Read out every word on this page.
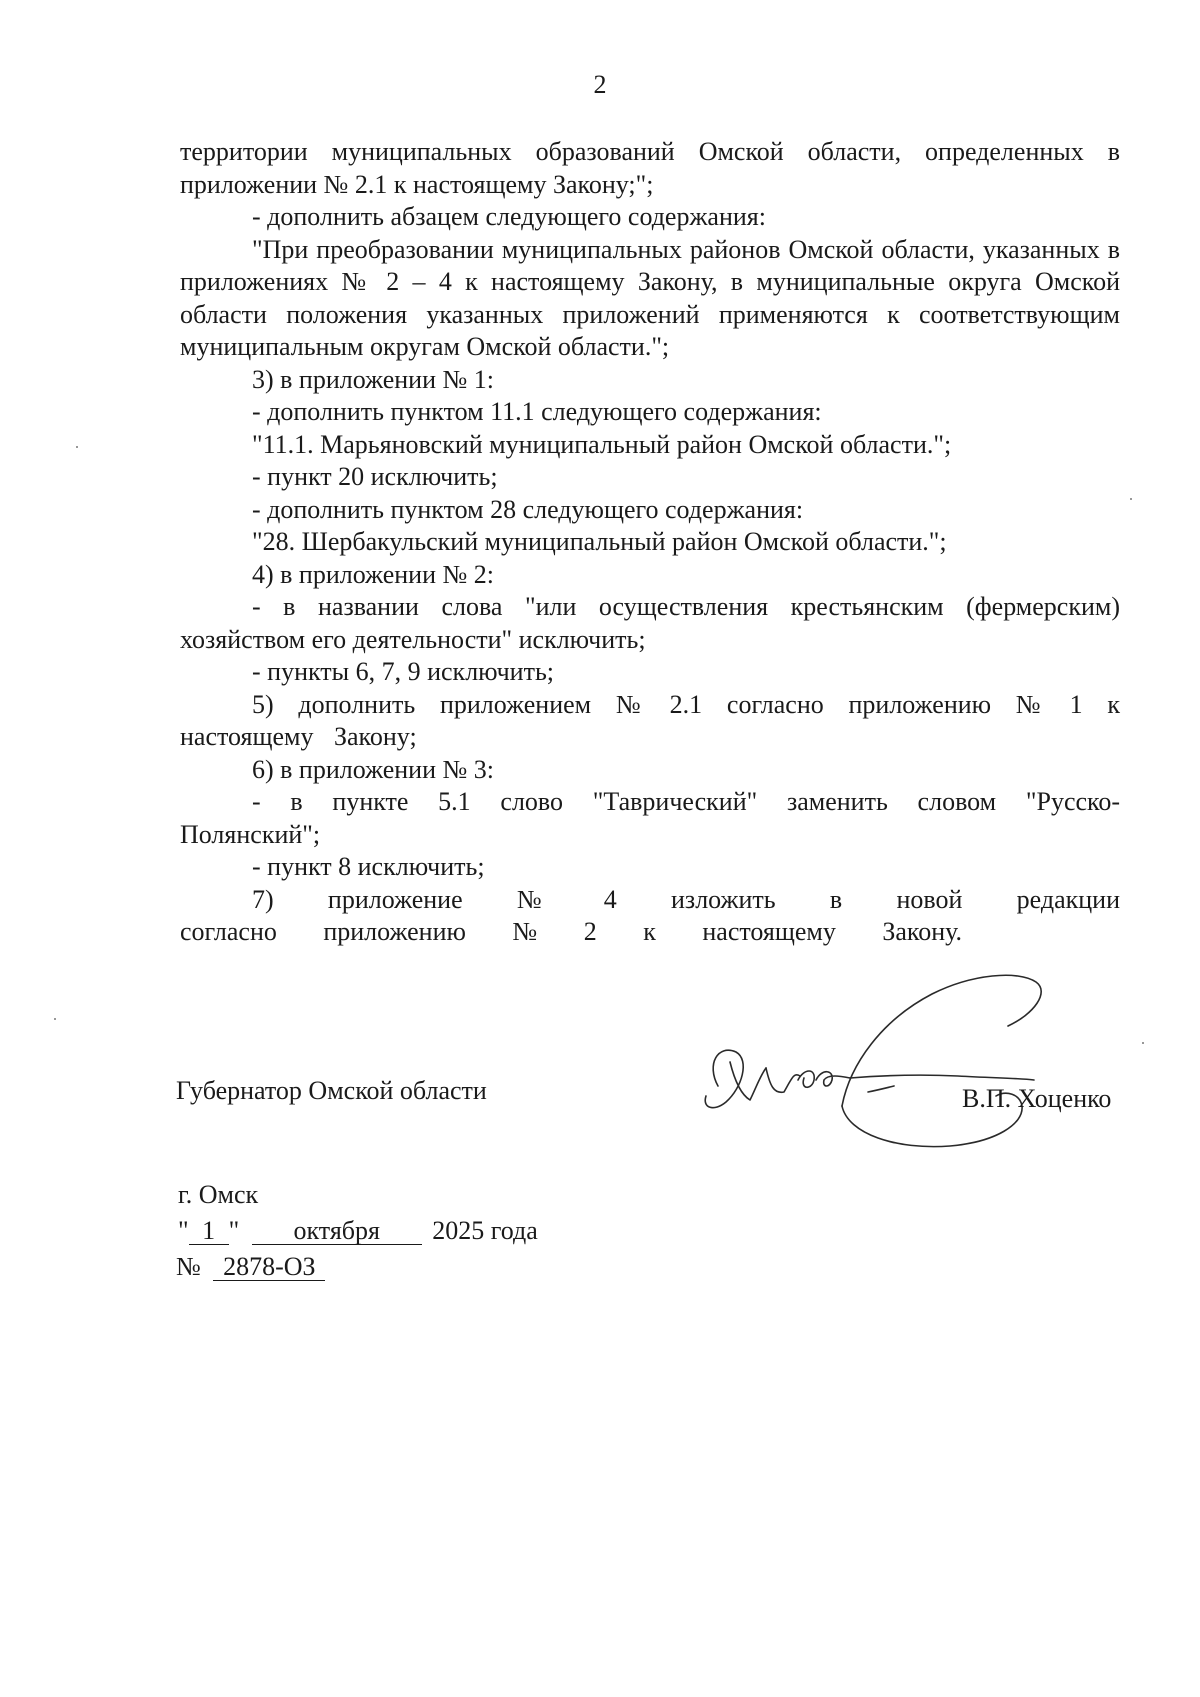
2

территории муниципальных образований Омской области, определенных в

приложении № 2.1 к настоящему Закону;";

- дополнить абзацем следующего содержания:

"При преобразовании муниципальных районов Омской области, указанных в приложениях № 2 – 4 к настоящему Закону, в муниципальные округа Омской области положения указанных приложений применяются к соответствующим муниципальным округам Омской области.";

3) в приложении № 1:

- дополнить пунктом 11.1 следующего содержания:

"11.1. Марьяновский муниципальный район Омской области.";

- пункт 20 исключить;

- дополнить пунктом 28 следующего содержания:

"28. Шербакульский муниципальный район Омской области.";

4) в приложении № 2:

- в названии слова "или осуществления крестьянским (фермерским) хозяйством его деятельности" исключить;

- пункты 6, 7, 9 исключить;

5) дополнить приложением № 2.1 согласно приложению № 1 к настоящему Закону;

6) в приложении № 3:

- в пункте 5.1 слово "Таврический" заменить словом "Русско-Полянский";

- пункт 8 исключить;

7) приложение № 4 изложить в новой редакции согласно приложению № 2 к настоящему Закону.

Губернатор Омской области	В.П. Хоценко
г. Омск
" 1 " октября 2025 года
№ 2878-ОЗ
